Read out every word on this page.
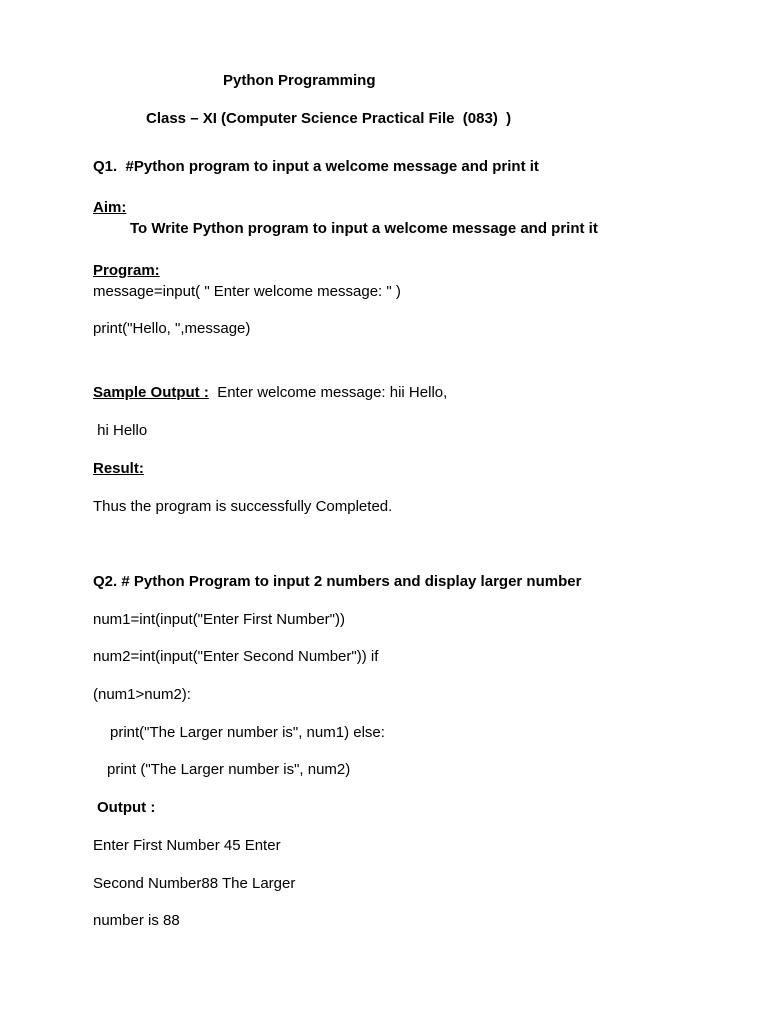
Python Programming
Class – XI (Computer Science Practical File  (083)  )
Q1.  #Python program to input a welcome message and print it
Aim:
To Write Python program to input a welcome message and print it
Program:
message=input( " Enter welcome message: " )
print("Hello, ",message)
Sample Output : Enter welcome message: hii Hello,
hi Hello
Result:
Thus the program is successfully Completed.
Q2. # Python Program to input 2 numbers and display larger number
num1=int(input("Enter First Number"))
num2=int(input("Enter Second Number")) if
(num1>num2):
print("The Larger number is", num1) else:
print ("The Larger number is", num2)
Output :
Enter First Number 45 Enter
Second Number88 The Larger
number is 88
